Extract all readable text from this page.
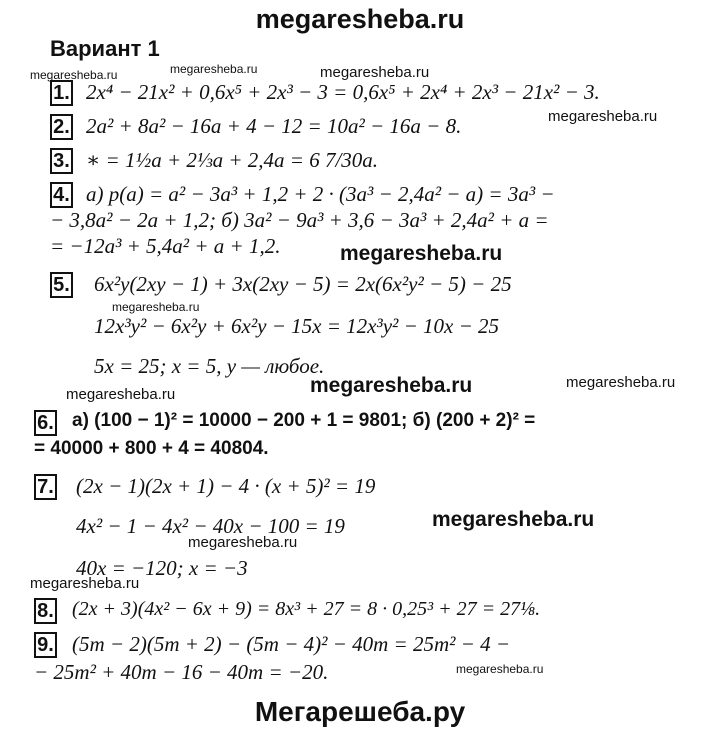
megaresheba.ru
Вариант 1
megaresheba.ru	megaresheba.ru	megaresheba.ru
megaresheba.ru
megaresheba.ru
megaresheba.ru
megaresheba.ru	megaresheba.ru	megaresheba.ru
megaresheba.ru
megaresheba.ru
megaresheba.ru
megaresheba.ru
1. 2x⁴ − 21x² + 0,6x⁵ + 2x³ − 3 = 0,6x⁵ + 2x⁴ + 2x³ − 21x² − 3.
2. 2a² + 8a² − 16a + 4 − 12 = 10a² − 16a − 8.
3. ∗ = 1½a + 2⅓a + 2,4a = 6 7/30a.
4. а) p(a) = a² − 3a³ + 1,2 + 2 · (3a³ − 2,4a² − a) = 3a³ −
− 3,8a² − 2a + 1,2; б) 3a² − 9a³ + 3,6 − 3a³ + 2,4a² + a =
= −12a³ + 5,4a² + a + 1,2.
5. 6x²y(2xy − 1) + 3x(2xy − 5) = 2x(6x²y² − 5) − 25
12x³y² − 6x²y + 6x²y − 15x = 12x³y² − 10x − 25
5x = 25; x = 5, y — любое.
6. а) (100 − 1)² = 10000 − 200 + 1 = 9801; б) (200 + 2)² =
= 40000 + 800 + 4 = 40804.
7. (2x − 1)(2x + 1) − 4 · (x + 5)² = 19
4x² − 1 − 4x² − 40x − 100 = 19
40x = −120; x = −3
8. (2x + 3)(4x² − 6x + 9) = 8x³ + 27 = 8 · 0,25³ + 27 = 27⅛.
9. (5m − 2)(5m + 2) − (5m − 4)² − 40m = 25m² − 4 −
− 25m² + 40m − 16 − 40m = −20.
Мегарешеба.ру
